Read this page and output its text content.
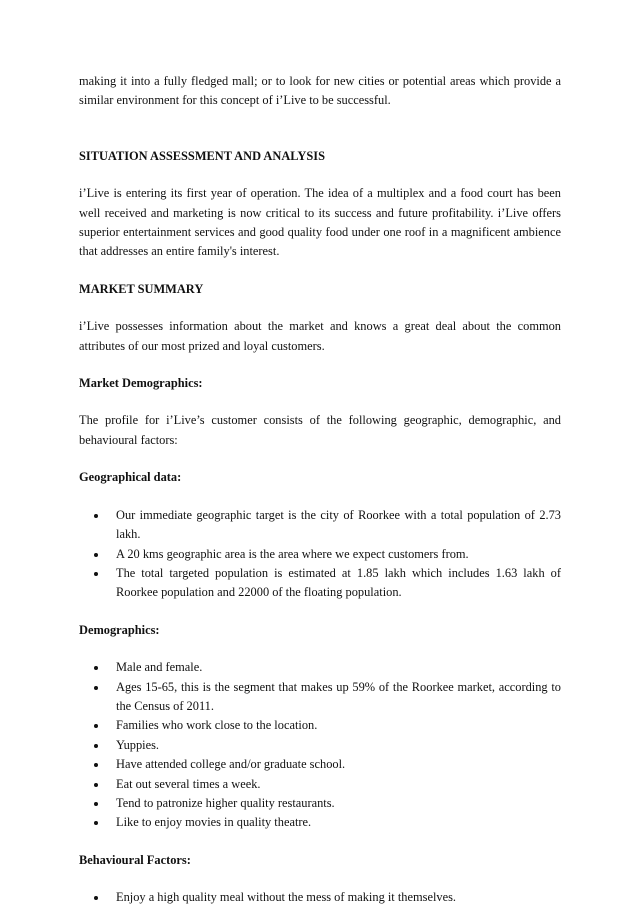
making it into a fully fledged mall; or to look for new cities or potential areas which provide a similar environment for this concept of i’Live to be successful.

SITUATION ASSESSMENT AND ANALYSIS

i’Live is entering its first year of operation. The idea of a multiplex and a food court has been well received and marketing is now critical to its success and future profitability. i’Live offers superior entertainment services and good quality food under one roof in a magnificent ambience that addresses an entire family's interest.

MARKET SUMMARY

i’Live possesses information about the market and knows a great deal about the common attributes of our most prized and loyal customers.

Market Demographics:

The profile for i’Live’s customer consists of the following geographic, demographic, and behavioural factors:

Geographical data:

Our immediate geographic target is the city of Roorkee with a total population of 2.73 lakh.
A 20 kms geographic area is the area where we expect customers from.
The total targeted population is estimated at 1.85 lakh which includes 1.63 lakh of Roorkee population and 22000 of the floating population.

Demographics:

Male and female.
Ages 15-65, this is the segment that makes up 59% of the Roorkee market, according to the Census of 2011.
Families who work close to the location.
Yuppies.
Have attended college and/or graduate school.
Eat out several times a week.
Tend to patronize higher quality restaurants.
Like to enjoy movies in quality theatre.

Behavioural Factors:

Enjoy a high quality meal without the mess of making it themselves.
